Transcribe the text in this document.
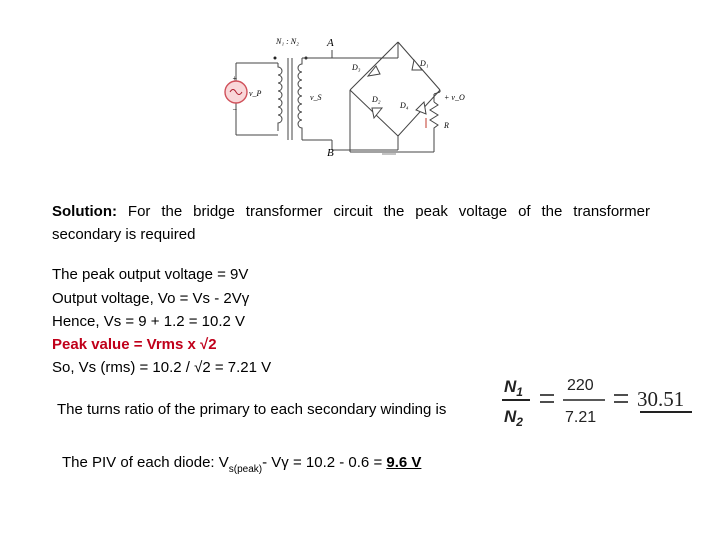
N₁ : N₂	A
B
v_P	v_S
D₃	D₁
D₂
D₄
+ v_O
R
+
−
Solution: For the bridge transformer circuit the peak voltage of the transformer
secondary is required
The peak output voltage = 9V
Output voltage, Vo = Vs - 2Vγ
Hence, Vs = 9 + 1.2 = 10.2 V
Peak value = Vrms x √2
So, Vs (rms) = 10.2 / √2 = 7.21 V
The turns ratio of the primary to each secondary winding is
$N_1$
$N_2$
220
7.21
30.51
The PIV of each diode: $V_{s(peak)}-$ Vγ = 10.2 - 0.6 = 9.6 V
